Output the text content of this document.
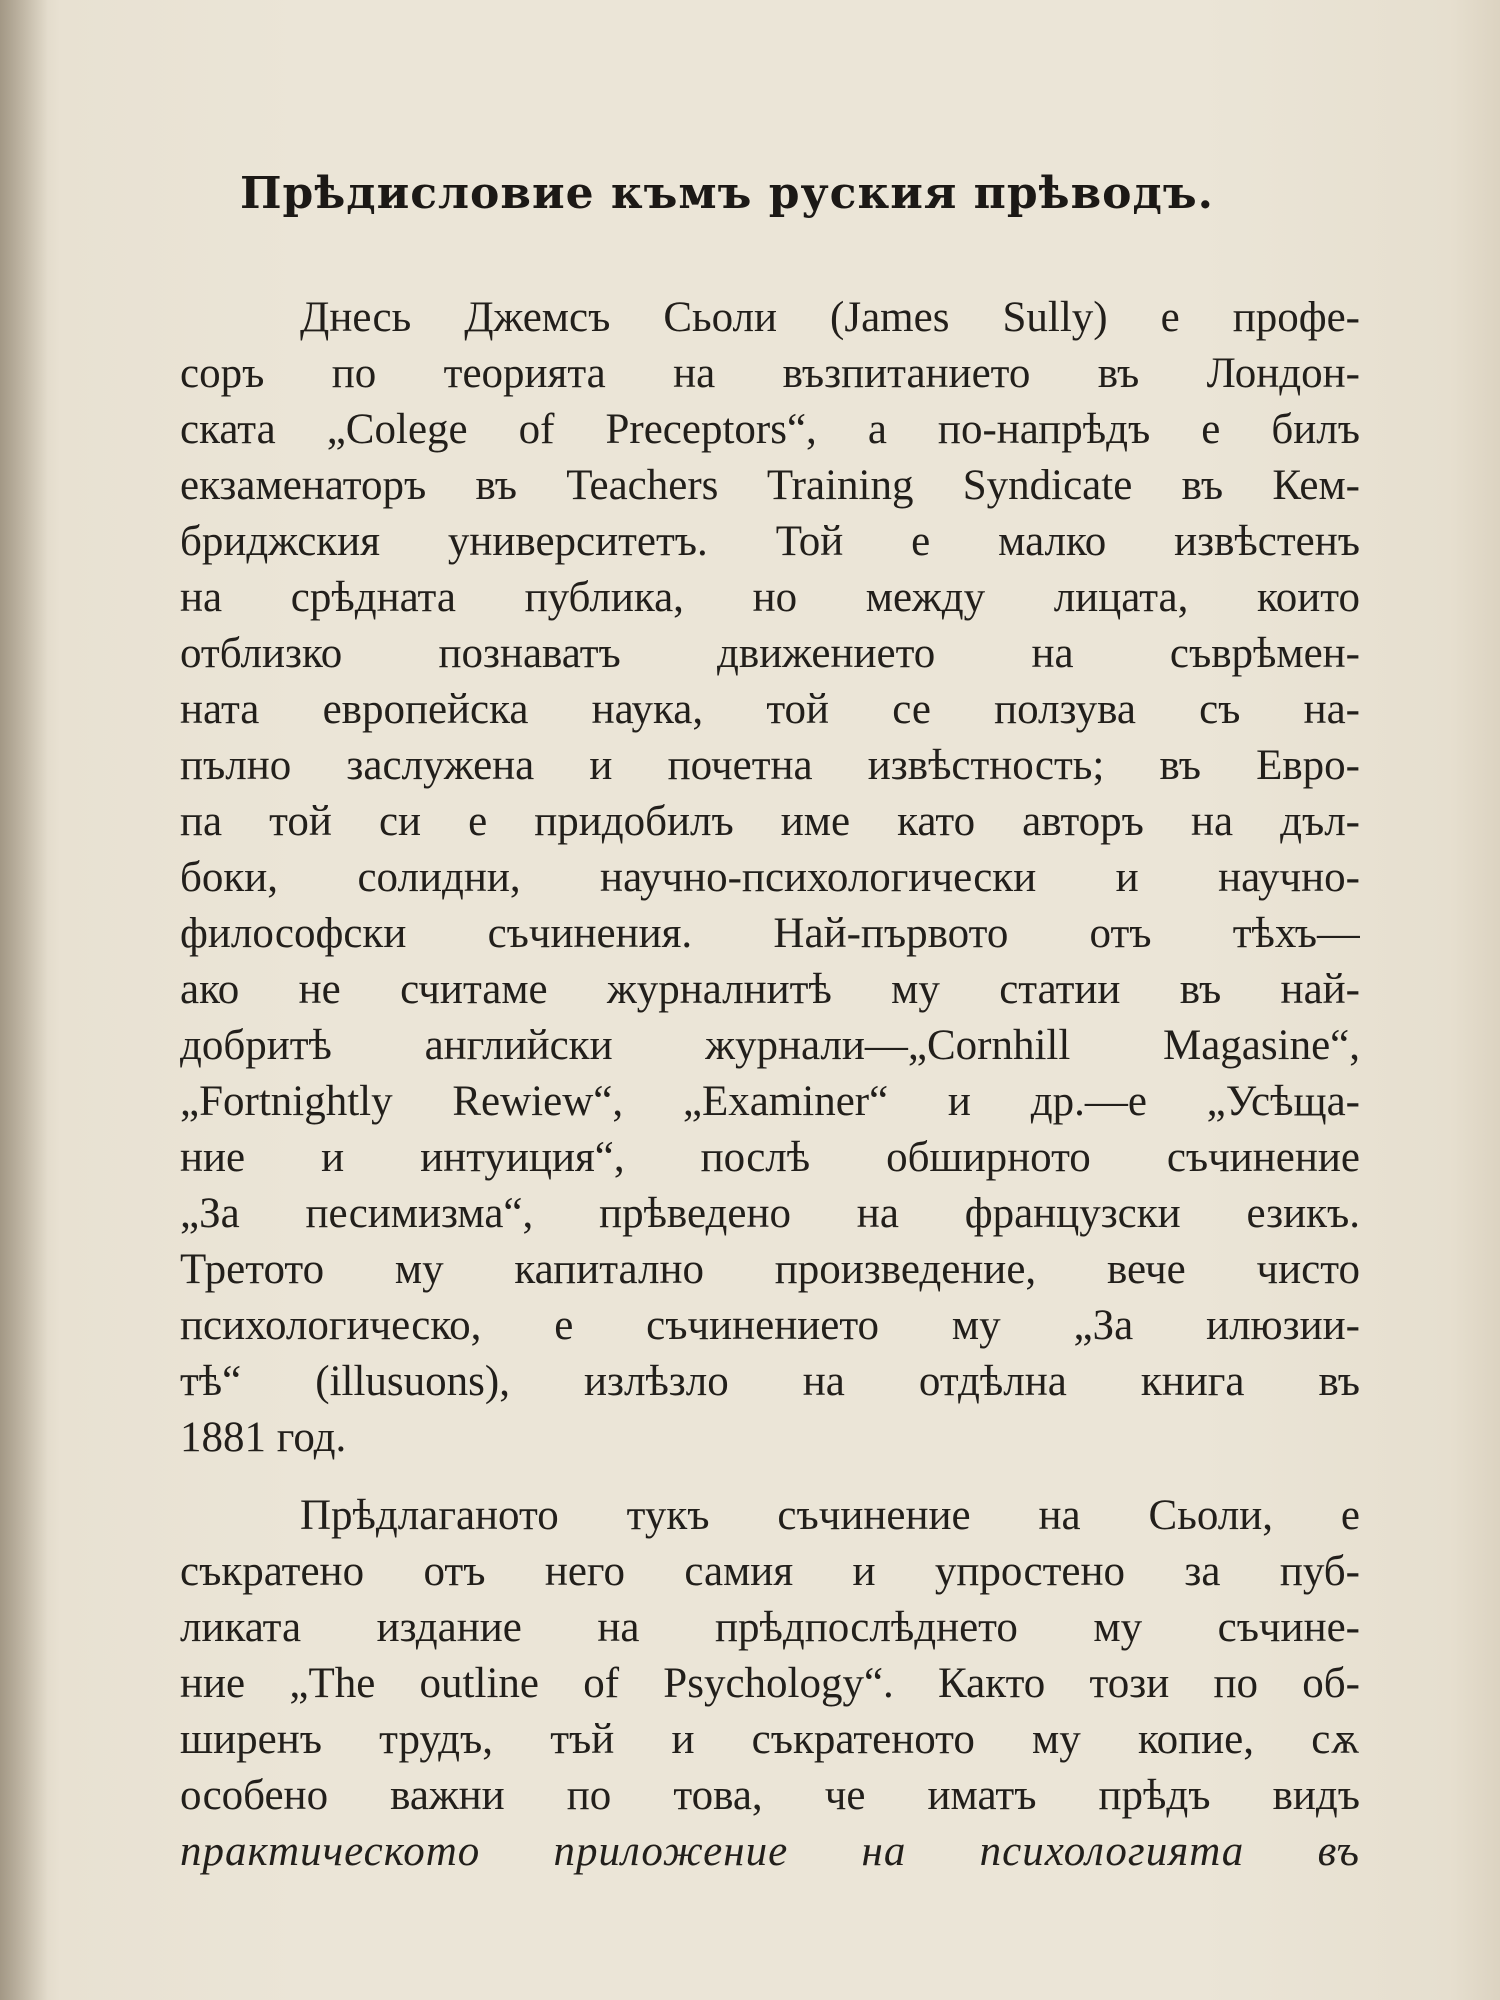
Прѣдисловие къмъ руския прѣводъ.
Днесь Джемсъ Сьоли (James Sully) е профе-
соръ по теорията на възпитанието въ Лондон-
ската „Colege of Preceptors“, а по-напрѣдъ е билъ
екзаменаторъ въ Teachers Training Syndicate въ Кем-
бриджския университетъ. Той е малко извѣстенъ
на срѣдната публика, но между лицата, които
отблизко познаватъ движението на съврѣмен-
ната европейска наука, той се ползува съ на-
пълно заслужена и почетна извѣстность; въ Евро-
па той си е придобилъ име като авторъ на дъл-
боки, солидни, научно-психологически и научно-
философски съчинения. Най-първото отъ тѣхъ—
ако не считаме журналнитѣ му статии въ най-
добритѣ английски журнали—„Cornhill Magasine“,
„Fortnightly Rewiew“, „Examiner“ и др.—е „Усѣща-
ние и интуиция“, послѣ обширното съчинение
„За песимизма“, прѣведено на французски езикъ.
Третото му капитално произведение, вече чисто
психологическо, е съчинението му „За илюзии-
тѣ“ (illusuons), излѣзло на отдѣлна книга въ
1881 год.
Прѣдлаганото тукъ съчинение на Сьоли, е
съкратено отъ него самия и упростено за пуб-
ликата издание на прѣдпослѣднето му съчине-
ние „The outline of Psychology“. Както този по об-
ширенъ трудъ, тъй и съкратеното му копие, сѫ
особено важни по това, че иматъ прѣдъ видъ
практическото приложение на психологията въ
